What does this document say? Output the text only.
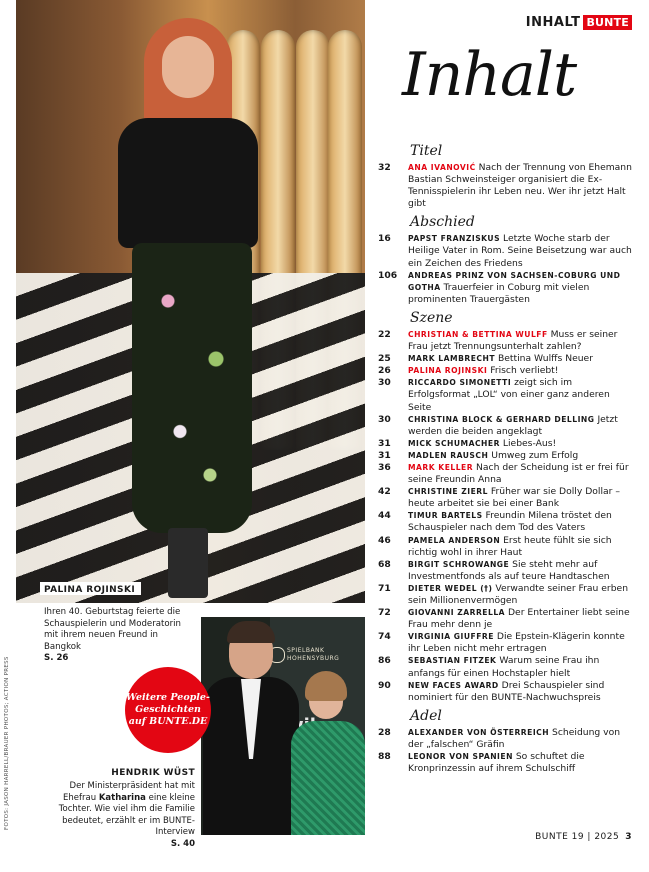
PALINA ROJINSKI
Ihren 40. Geburtstag feierte die Schauspielerin und Moderatorin mit ihrem neuen Freund in Bangkok
S. 26
FOTOS: JASON HARRELL/BRAUER PHOTOS; ACTION PRESS
SPIELBANK HOHENSYBURG
Weitere People-Geschichten auf BUNTE.DE
HENDRIK WÜST
Der Ministerpräsident hat mit Ehefrau Katharina eine kleine Tochter. Wie viel ihm die Familie bedeutet, erzählt er im BUNTE-Interview
S. 40
INHALT BUNTE
Inhalt
Titel
32	ANA IVANOVIĆ Nach der Trennung von Ehemann Bastian Schweinsteiger organisiert die Ex-Tennisspielerin ihr Leben neu. Wer ihr jetzt Halt gibt
Abschied
16	PAPST FRANZISKUS Letzte Woche starb der Heilige Vater in Rom. Seine Beisetzung war auch ein Zeichen des Friedens
106	ANDREAS PRINZ VON SACHSEN-COBURG UND GOTHA Trauerfeier in Coburg mit vielen prominenten Trauergästen
Szene
22	CHRISTIAN & BETTINA WULFF Muss er seiner Frau jetzt Trennungsunterhalt zahlen?
25	MARK LAMBRECHT Bettina Wulffs Neuer
26	PALINA ROJINSKI Frisch verliebt!
30	RICCARDO SIMONETTI zeigt sich im Erfolgsformat „LOL“ von einer ganz anderen Seite
30	CHRISTINA BLOCK & GERHARD DELLING Jetzt werden die beiden angeklagt
31	MICK SCHUMACHER Liebes-Aus!
31	MADLEN RAUSCH Umweg zum Erfolg
36	MARK KELLER Nach der Scheidung ist er frei für seine Freundin Anna
42	CHRISTINE ZIERL Früher war sie Dolly Dollar – heute arbeitet sie bei einer Bank
44	TIMUR BARTELS Freundin Milena tröstet den Schauspieler nach dem Tod des Vaters
46	PAMELA ANDERSON Erst heute fühlt sie sich richtig wohl in ihrer Haut
68	BIRGIT SCHROWANGE Sie steht mehr auf Investmentfonds als auf teure Handtaschen
71	DIETER WEDEL (†) Verwandte seiner Frau erben sein Millionenvermögen
72	GIOVANNI ZARRELLA Der Entertainer liebt seine Frau mehr denn je
74	VIRGINIA GIUFFRE Die Epstein-Klägerin konnte ihr Leben nicht mehr ertragen
86	SEBASTIAN FITZEK Warum seine Frau ihn anfangs für einen Hochstapler hielt
90	NEW FACES AWARD Drei Schauspieler sind nominiert für den BUNTE-Nachwuchspreis
Adel
28	ALEXANDER VON ÖSTERREICH Scheidung von der „falschen“ Gräfin
88	LEONOR VON SPANIEN So schuftet die Kronprinzessin auf ihrem Schulschiff
BUNTE 19 | 2025 3
